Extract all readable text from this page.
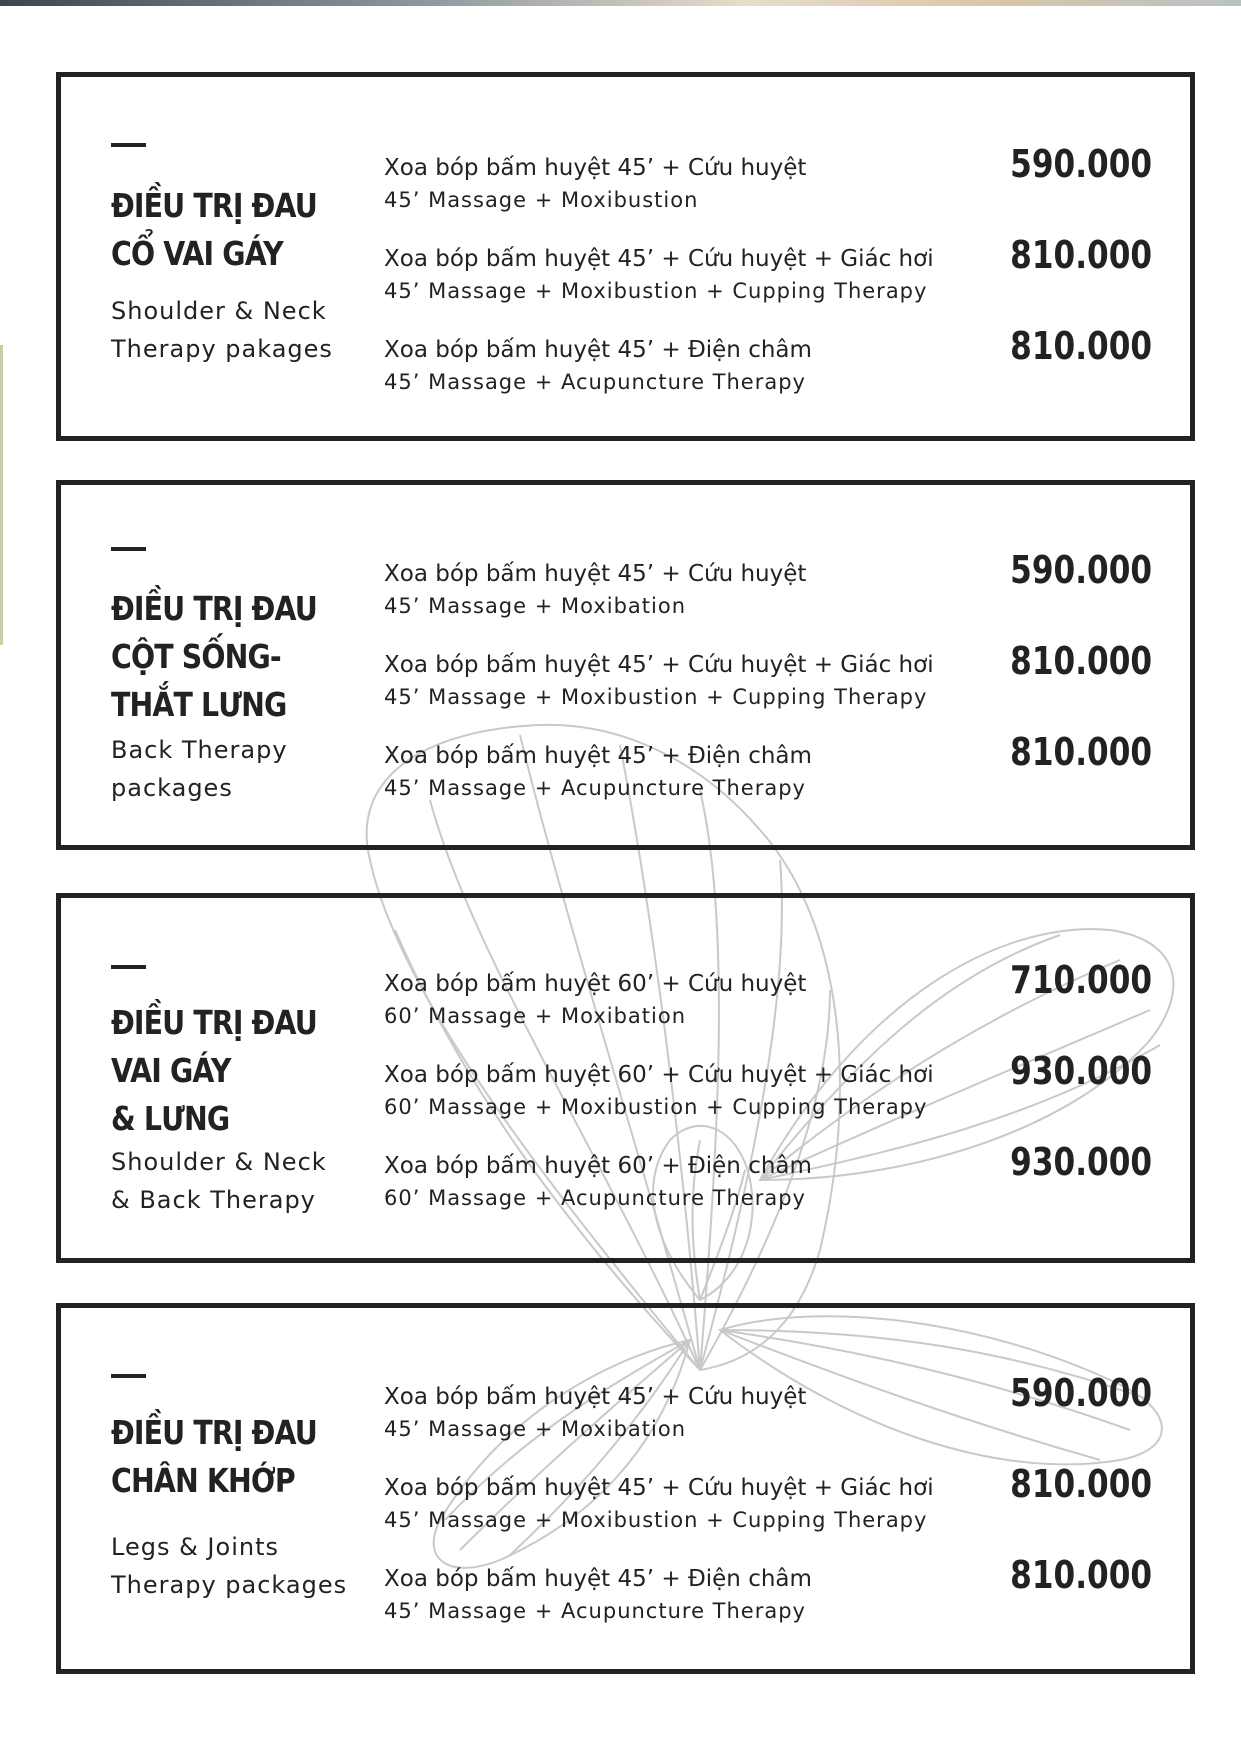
ĐIỀU TRỊ ĐAU
CỔ VAI GÁY

Shoulder & Neck
Therapy pakages

Xoa bóp bấm huyệt 45’ + Cứu huyệt
45’ Massage + Moxibustion
590.000
Xoa bóp bấm huyệt 45’ + Cứu huyệt + Giác hơi
45’ Massage + Moxibustion + Cupping Therapy
810.000
Xoa bóp bấm huyệt 45’ + Điện châm
45’ Massage + Acupuncture Therapy
810.000
ĐIỀU TRỊ ĐAU
CỘT SỐNG-
THẮT LƯNG

Back Therapy
packages

Xoa bóp bấm huyệt 45’ + Cứu huyệt
45’ Massage + Moxibation
590.000
Xoa bóp bấm huyệt 45’ + Cứu huyệt + Giác hơi
45’ Massage + Moxibustion + Cupping Therapy
810.000
Xoa bóp bấm huyệt 45’ + Điện châm
45’ Massage + Acupuncture Therapy
810.000
ĐIỀU TRỊ ĐAU
VAI GÁY
& LƯNG

Shoulder & Neck
& Back Therapy

Xoa bóp bấm huyệt 60’ + Cứu huyệt
60’ Massage + Moxibation
710.000
Xoa bóp bấm huyệt 60’ + Cứu huyệt + Giác hơi
60’ Massage + Moxibustion + Cupping Therapy
930.000
Xoa bóp bấm huyệt 60’ + Điện châm
60’ Massage + Acupuncture Therapy
930.000
ĐIỀU TRỊ ĐAU
CHÂN KHỚP

Legs & Joints
Therapy packages

Xoa bóp bấm huyệt 45’ + Cứu huyệt
45’ Massage + Moxibation
590.000
Xoa bóp bấm huyệt 45’ + Cứu huyệt + Giác hơi
45’ Massage + Moxibustion + Cupping Therapy
810.000
Xoa bóp bấm huyệt 45’ + Điện châm
45’ Massage + Acupuncture Therapy
810.000
